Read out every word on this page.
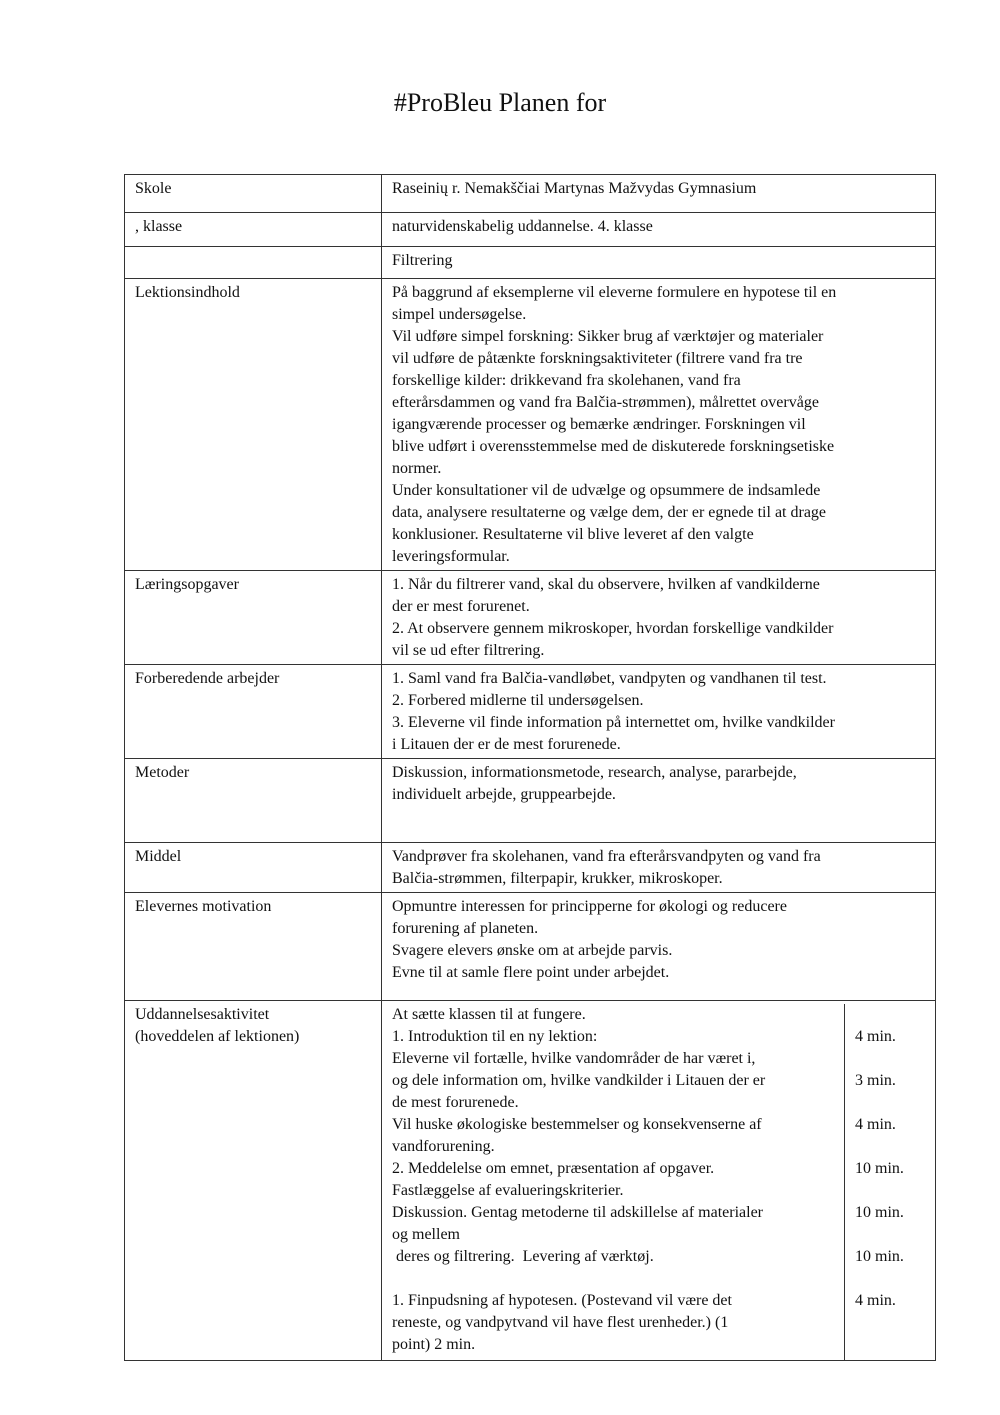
#ProBleu Planen for
Skole	Raseinių r. Nemakščiai Martynas Mažvydas Gymnasium
, klasse	naturvidenskabelig uddannelse. 4. klasse
	Filtrering
Lektionsindhold	På baggrund af eksemplerne vil eleverne formulere en hypotese til en
simpel undersøgelse.
Vil udføre simpel forskning: Sikker brug af værktøjer og materialer
vil udføre de påtænkte forskningsaktiviteter (filtrere vand fra tre
forskellige kilder: drikkevand fra skolehanen, vand fra
efterårsdammen og vand fra Balčia-strømmen), målrettet overvåge
igangværende processer og bemærke ændringer. Forskningen vil
blive udført i overensstemmelse med de diskuterede forskningsetiske
normer.
Under konsultationer vil de udvælge og opsummere de indsamlede
data, analysere resultaterne og vælge dem, der er egnede til at drage
konklusioner. Resultaterne vil blive leveret af den valgte
leveringsformular.

Læringsopgaver	1. Når du filtrerer vand, skal du observere, hvilken af vandkilderne
der er mest forurenet.
2. At observere gennem mikroskoper, hvordan forskellige vandkilder
vil se ud efter filtrering.

Forberedende arbejder	1. Saml vand fra Balčia-vandløbet, vandpyten og vandhanen til test.
2. Forbered midlerne til undersøgelsen.
3. Eleverne vil finde information på internettet om, hvilke vandkilder
i Litauen der er de mest forurenede.

Metoder	Diskussion, informationsmetode, research, analyse, pararbejde,
individuelt arbejde, gruppearbejde.

Middel	Vandprøver fra skolehanen, vand fra efterårsvandpyten og vand fra
Balčia-strømmen, filterpapir, krukker, mikroskoper.

Elevernes motivation	Opmuntre interessen for principperne for økologi og reducere
forurening af planeten.
Svagere elevers ønske om at arbejde parvis.
Evne til at samle flere point under arbejdet.

Uddannelsesaktivitet
(hoveddelen af lektionen)

At sætte klassen til at fungere.	
1. Introduktion til en ny lektion:	4 min.
Eleverne vil fortælle, hvilke vandområder de har været i,	
og dele information om, hvilke vandkilder i Litauen der er	3 min.
de mest forurenede.	
Vil huske økologiske bestemmelser og konsekvenserne af	4 min.
vandforurening.	
2. Meddelelse om emnet, præsentation af opgaver.	10 min.
Fastlæggelse af evalueringskriterier.	
Diskussion. Gentag metoderne til adskillelse af materialer	10 min.
og mellem	
deres og filtrering.  Levering af værktøj.	10 min.

1. Finpudsning af hypotesen. (Postevand vil være det	4 min.
reneste, og vandpytvand vil have flest urenheder.) (1	
point) 2 min.	
